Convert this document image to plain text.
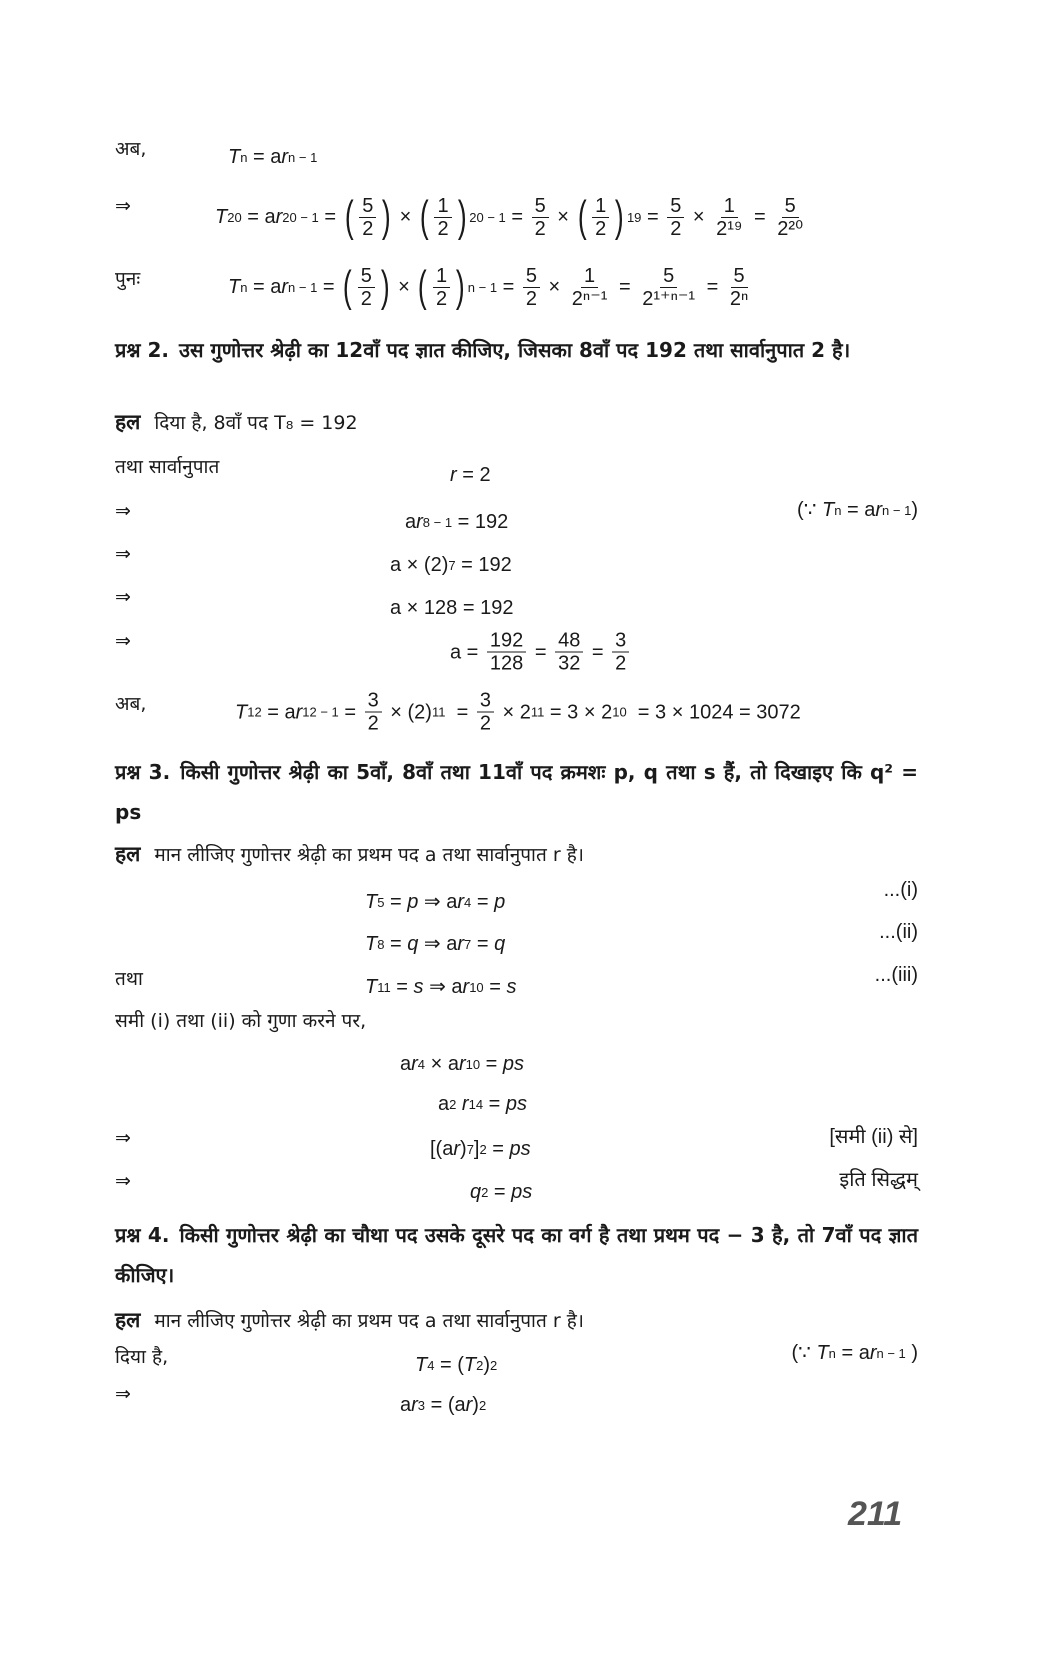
अब,	T n = a r n − 1
⇒	T 20 = a r 20 − 1 = ( $\frac{5}{2}$ ) × ( $\frac{1}{2}$ ) $20 - 1 = \frac{5}{2}$ × ( $\frac{1}{2}$ ) $19 = \frac{5}{2} \times \frac{1}{\text{2¹⁹}} = \frac{5}{\text{2²⁰}}$
पुनः	T n = a r n − 1 = ( $\frac{5}{2}$ ) × ( $\frac{1}{2}$ ) $n - 1 = \frac{5}{2} \times \frac{1}{\text{2ⁿ⁻¹}} = \frac{5}{\text{2¹⁺ⁿ⁻¹}} = \frac{5}{\text{2ⁿ}}$
तथा सार्वानुपात	r = 2
⇒	a r 8 − 1 = 192
(∵ T n = a r n − 1 )
⇒	a × (2) 7 = 192
⇒	a × 128 = 192
⇒	$a = \frac{192}{128} = \frac{48}{32} = \frac{3}{2}$
अब,	T 12 = a r $12 - 1 = \frac{3}{2} \times (2) 11 = \frac{3}{2} \times 2$ 11 = 3 × 2 10 = 3 × 1024 = 3072
T 5 = p ⇒ a r 4 = p
...(i)
T 8 = q ⇒ a r 7 = q
...(ii)
तथा	T 11 = s ⇒ a r 10 = s
...(iii)
a r 4 × a r 10 = ps
a 2
r 14 = ps
⇒	[(a r ) 7 ] 2 = ps
[समी (ii) से]
⇒	q 2 = ps
इति सिद्धम्
दिया है,	T 4 = ( T 2 ) 2
(∵ T n = a r n − 1 )
⇒	a r 3 = (a r ) 2
प्रश्न 2. उस गुणोत्तर श्रेढ़ी का 12वाँ पद ज्ञात कीजिए, जिसका 8वाँ पद 192 तथा सार्वानुपात 2 है।
हल दिया है, 8वाँ पद T₈ = 192
प्रश्न 3. किसी गुणोत्तर श्रेढ़ी का 5वाँ, 8वाँ तथा 11वाँ पद क्रमशः p, q तथा s हैं, तो दिखाइए कि q² = ps
हल मान लीजिए गुणोत्तर श्रेढ़ी का प्रथम पद a तथा सार्वानुपात r है।
समी (i) तथा (ii) को गुणा करने पर,
प्रश्न 4. किसी गुणोत्तर श्रेढ़ी का चौथा पद उसके दूसरे पद का वर्ग है तथा प्रथम पद − 3 है, तो 7वाँ पद ज्ञात कीजिए।
हल मान लीजिए गुणोत्तर श्रेढ़ी का प्रथम पद a तथा सार्वानुपात r है।
211
